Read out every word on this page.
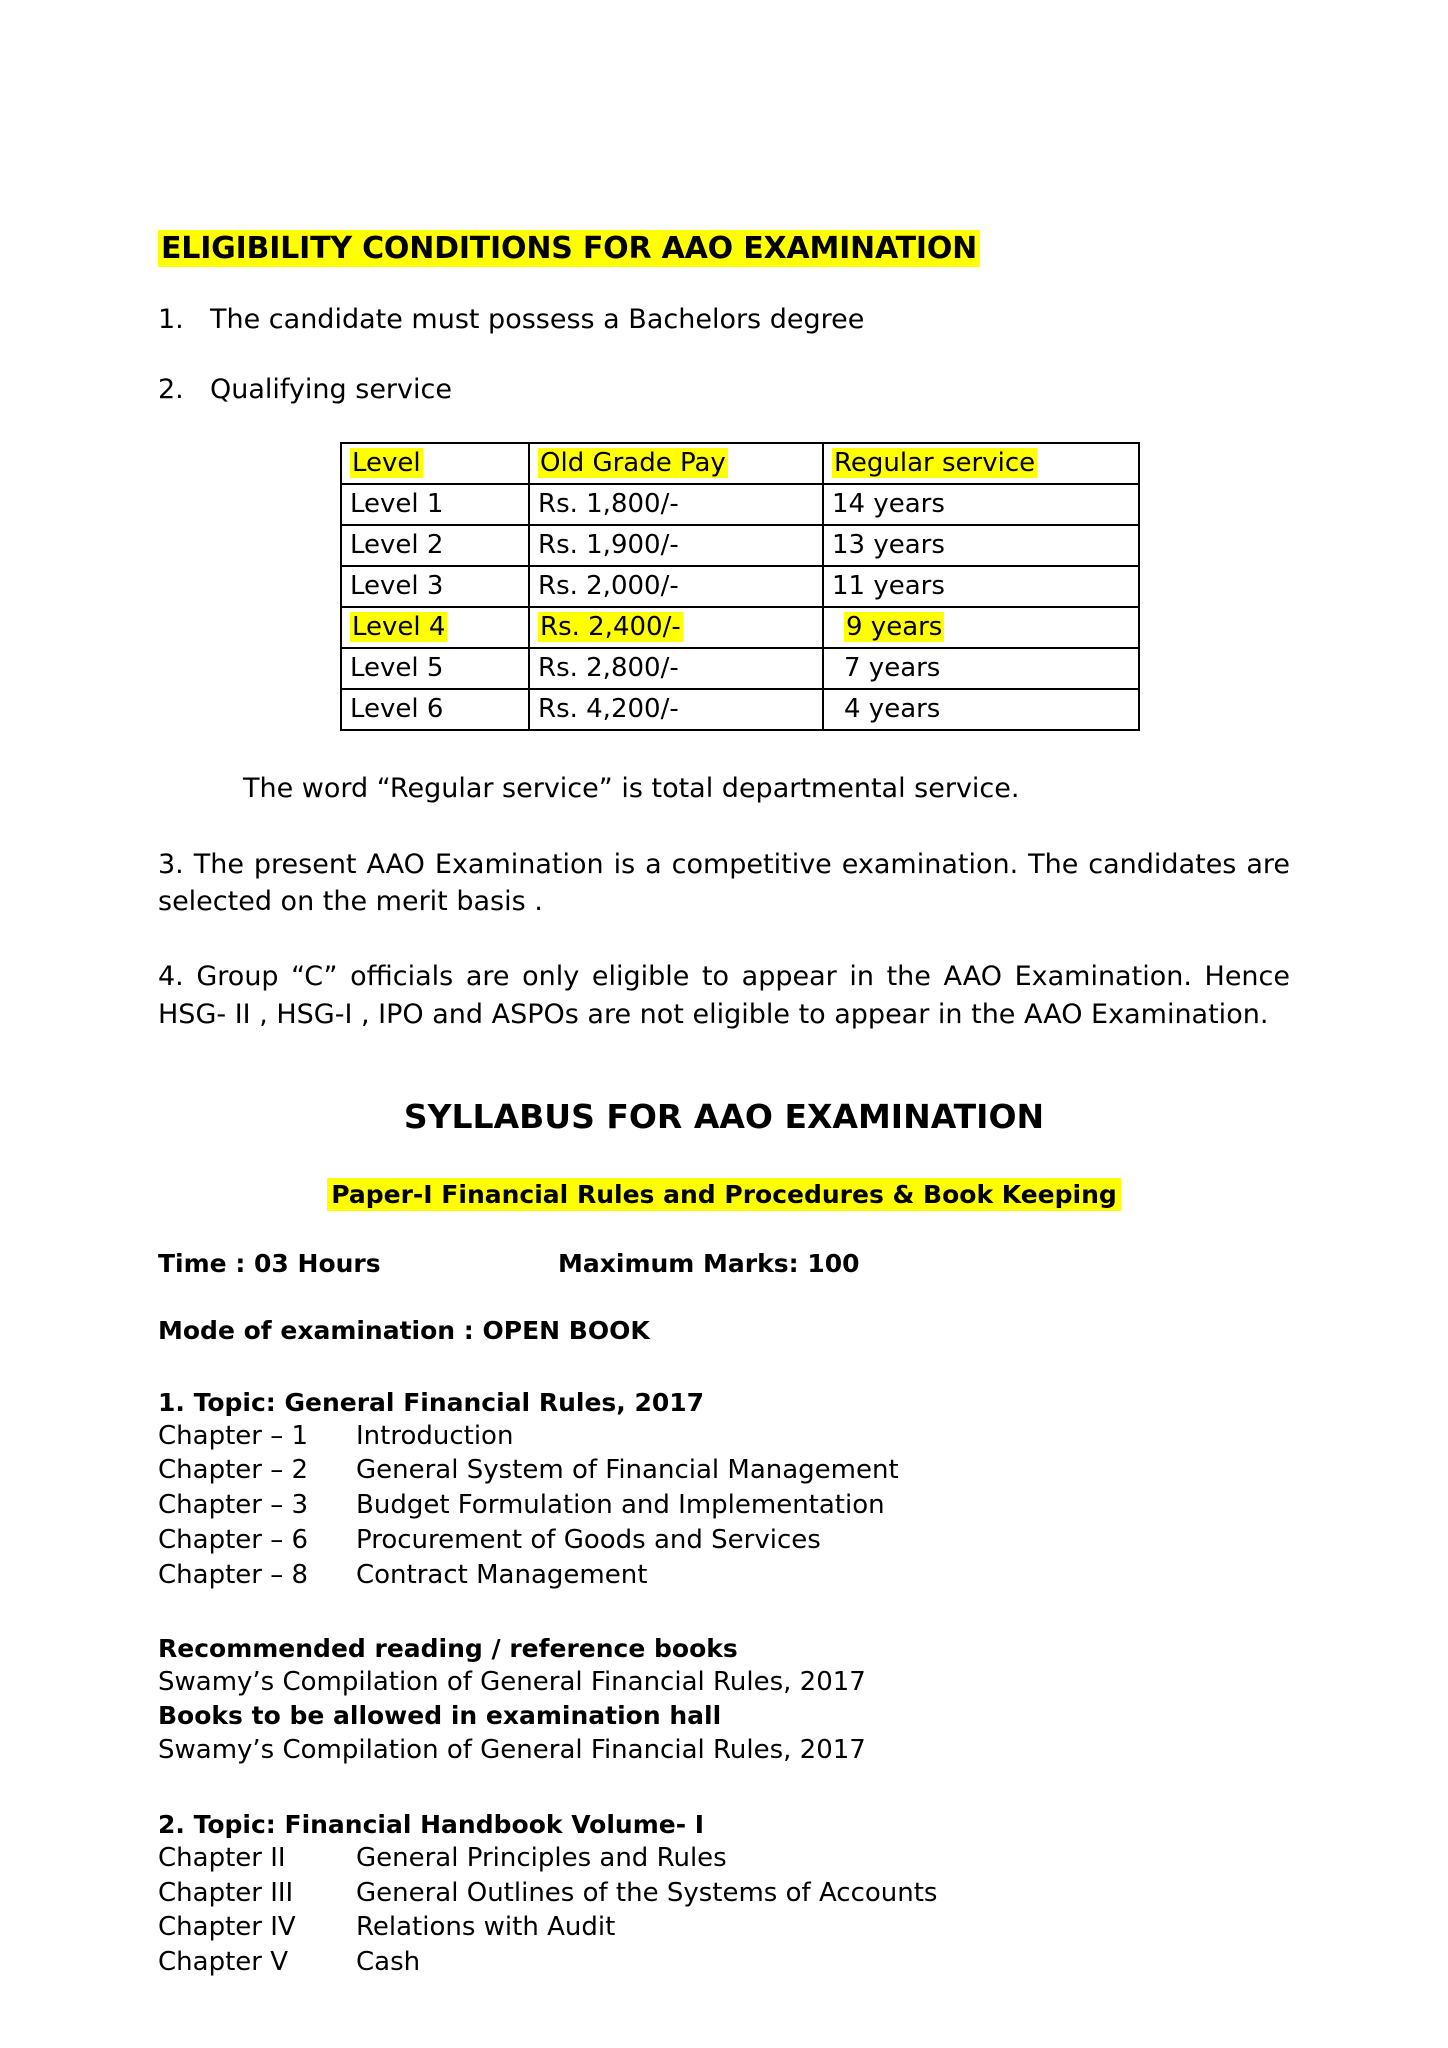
ELIGIBILITY CONDITIONS FOR AAO EXAMINATION
1. The candidate must possess a Bachelors degree
2. Qualifying service
Level	Old Grade Pay	Regular service
Level 1	Rs. 1,800/-	14 years
Level 2	Rs. 1,900/-	13 years
Level 3	Rs. 2,000/-	11 years
Level 4	Rs. 2,400/-	9 years
Level 5	Rs. 2,800/-	7 years
Level 6	Rs. 4,200/-	4 years

The word “Regular service” is total departmental service.

3. The present AAO Examination is a competitive examination. The candidates are selected on the merit basis .

4. Group “C” officials are only eligible to appear in the AAO Examination. Hence HSG- II , HSG-I , IPO and ASPOs are not eligible to appear in the AAO Examination.

SYLLABUS FOR AAO EXAMINATION
Paper-I Financial Rules and Procedures & Book Keeping
Time : 03 Hours	Maximum Marks: 100
Mode of examination : OPEN BOOK
1. Topic: General Financial Rules, 2017
Chapter – 1	Introduction
Chapter – 2	General System of Financial Management
Chapter – 3	Budget Formulation and Implementation
Chapter – 6	Procurement of Goods and Services
Chapter – 8	Contract Management
Recommended reading / reference books
Swamy’s Compilation of General Financial Rules, 2017
Books to be allowed in examination hall
Swamy’s Compilation of General Financial Rules, 2017
2. Topic: Financial Handbook Volume- I
Chapter II	General Principles and Rules
Chapter III	General Outlines of the Systems of Accounts
Chapter IV	Relations with Audit
Chapter V	Cash
